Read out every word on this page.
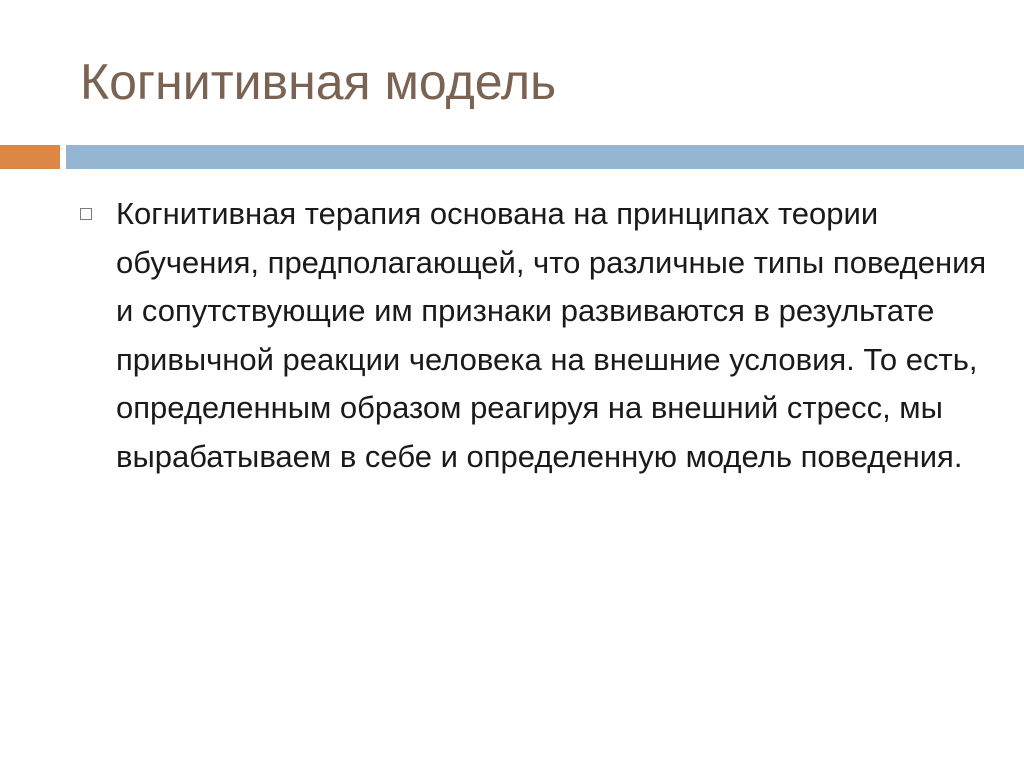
Когнитивная модель

Когнитивная терапия основана на принципах теории обучения, предполагающей, что различные типы поведения и сопутствующие им признаки развиваются в результате привычной реакции человека на внешние условия. То есть, определенным образом реагируя на внешний стресс, мы вырабатываем в себе и определенную модель поведения.
